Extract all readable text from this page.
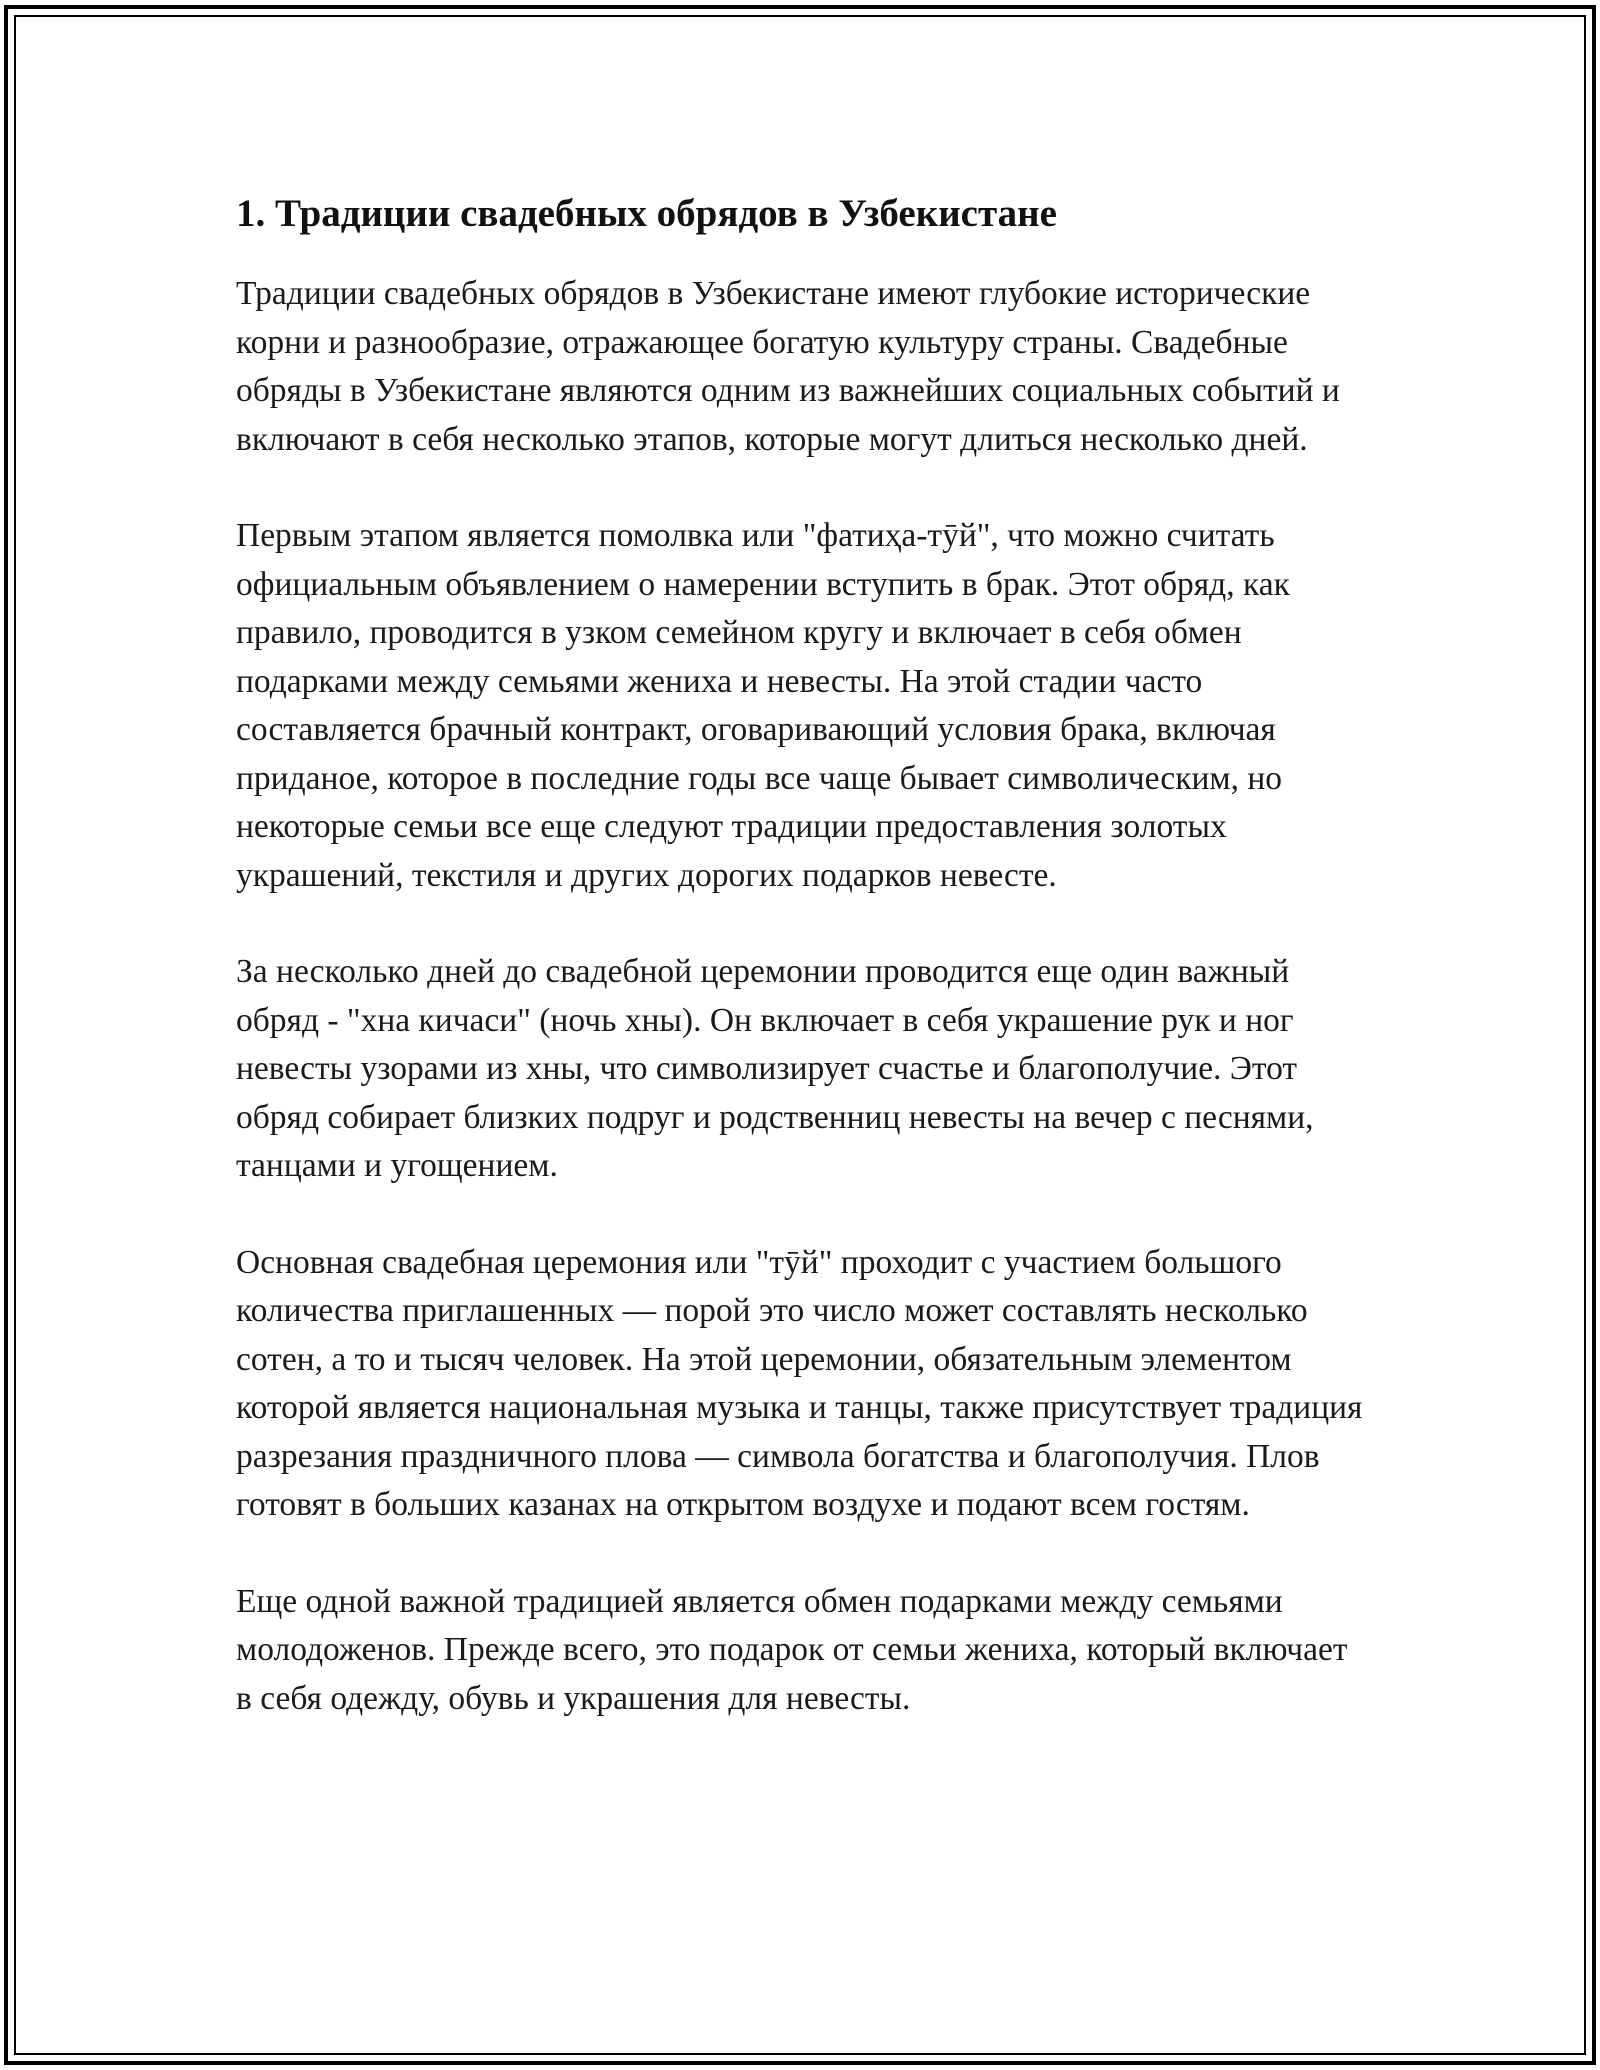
1. Традиции свадебных обрядов в Узбекистане

Традиции свадебных обрядов в Узбекистане имеют глубокие исторические корни и разнообразие, отражающее богатую культуру страны. Свадебные обряды в Узбекистане являются одним из важнейших социальных событий и включают в себя несколько этапов, которые могут длиться несколько дней.

Первым этапом является помолвка или "фатиҳа-тӯй", что можно считать официальным объявлением о намерении вступить в брак. Этот обряд, как правило, проводится в узком семейном кругу и включает в себя обмен подарками между семьями жениха и невесты. На этой стадии часто составляется брачный контракт, оговаривающий условия брака, включая приданое, которое в последние годы все чаще бывает символическим, но некоторые семьи все еще следуют традиции предоставления золотых украшений, текстиля и других дорогих подарков невесте.

За несколько дней до свадебной церемонии проводится еще один важный обряд - "хна кичаси" (ночь хны). Он включает в себя украшение рук и ног невесты узорами из хны, что символизирует счастье и благополучие. Этот обряд собирает близких подруг и родственниц невесты на вечер с песнями, танцами и угощением.

Основная свадебная церемония или "тӯй" проходит с участием большого количества приглашенных — порой это число может составлять несколько сотен, а то и тысяч человек. На этой церемонии, обязательным элементом которой является национальная музыка и танцы, также присутствует традиция разрезания праздничного плова — символа богатства и благополучия. Плов готовят в больших казанах на открытом воздухе и подают всем гостям.

Еще одной важной традицией является обмен подарками между семьями молодоженов. Прежде всего, это подарок от семьи жениха, который включает в себя одежду, обувь и украшения для невесты.
